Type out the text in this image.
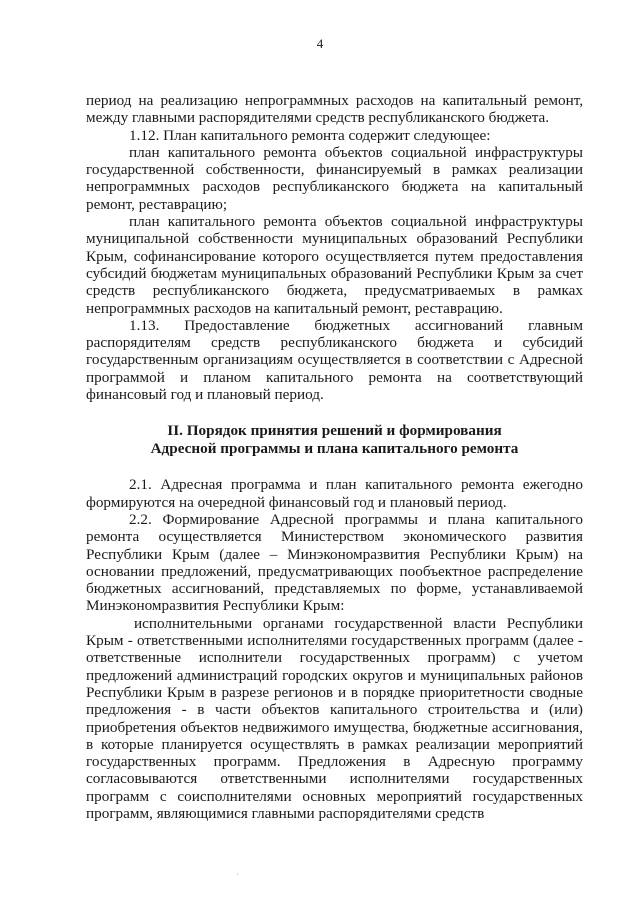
4

период на реализацию непрограммных расходов на капитальный ремонт, между главными распорядителями средств республиканского бюджета.

1.12. План капитального ремонта содержит следующее:

план капитального ремонта объектов социальной инфраструктуры государственной собственности, финансируемый в рамках реализации непрограммных расходов республиканского бюджета на капитальный ремонт, реставрацию;

план капитального ремонта объектов социальной инфраструктуры муниципальной собственности муниципальных образований Республики Крым, софинансирование которого осуществляется путем предоставления субсидий бюджетам муниципальных образований Республики Крым за счет средств республиканского бюджета, предусматриваемых в рамках непрограммных расходов на капитальный ремонт, реставрацию.

1.13. Предоставление бюджетных ассигнований главным распорядителям средств республиканского бюджета и субсидий государственным организациям осуществляется в соответствии с Адресной программой и планом капитального ремонта на соответствующий финансовый год и плановый период.

II. Порядок принятия решений и формирования
Адресной программы и плана капитального ремонта

2.1. Адресная программа и план капитального ремонта ежегодно формируются на очередной финансовый год и плановый период.

2.2. Формирование Адресной программы и плана капитального ремонта осуществляется Министерством экономического развития Республики Крым (далее – Минэкономразвития Республики Крым) на основании предложений, предусматривающих пообъектное распределение бюджетных ассигнований, представляемых по форме, устанавливаемой Минэкономразвития Республики Крым:

исполнительными органами государственной власти Республики Крым - ответственными исполнителями государственных программ (далее - ответственные исполнители государственных программ) с учетом предложений администраций городских округов и муниципальных районов Республики Крым в разрезе регионов и в порядке приоритетности сводные предложения - в части объектов капитального строительства и (или) приобретения объектов недвижимого имущества, бюджетные ассигнования, в которые планируется осуществлять в рамках реализации мероприятий государственных программ. Предложения в Адресную программу согласовываются ответственными исполнителями государственных программ с соисполнителями основных мероприятий государственных программ, являющимися главными распорядителями средств

·
